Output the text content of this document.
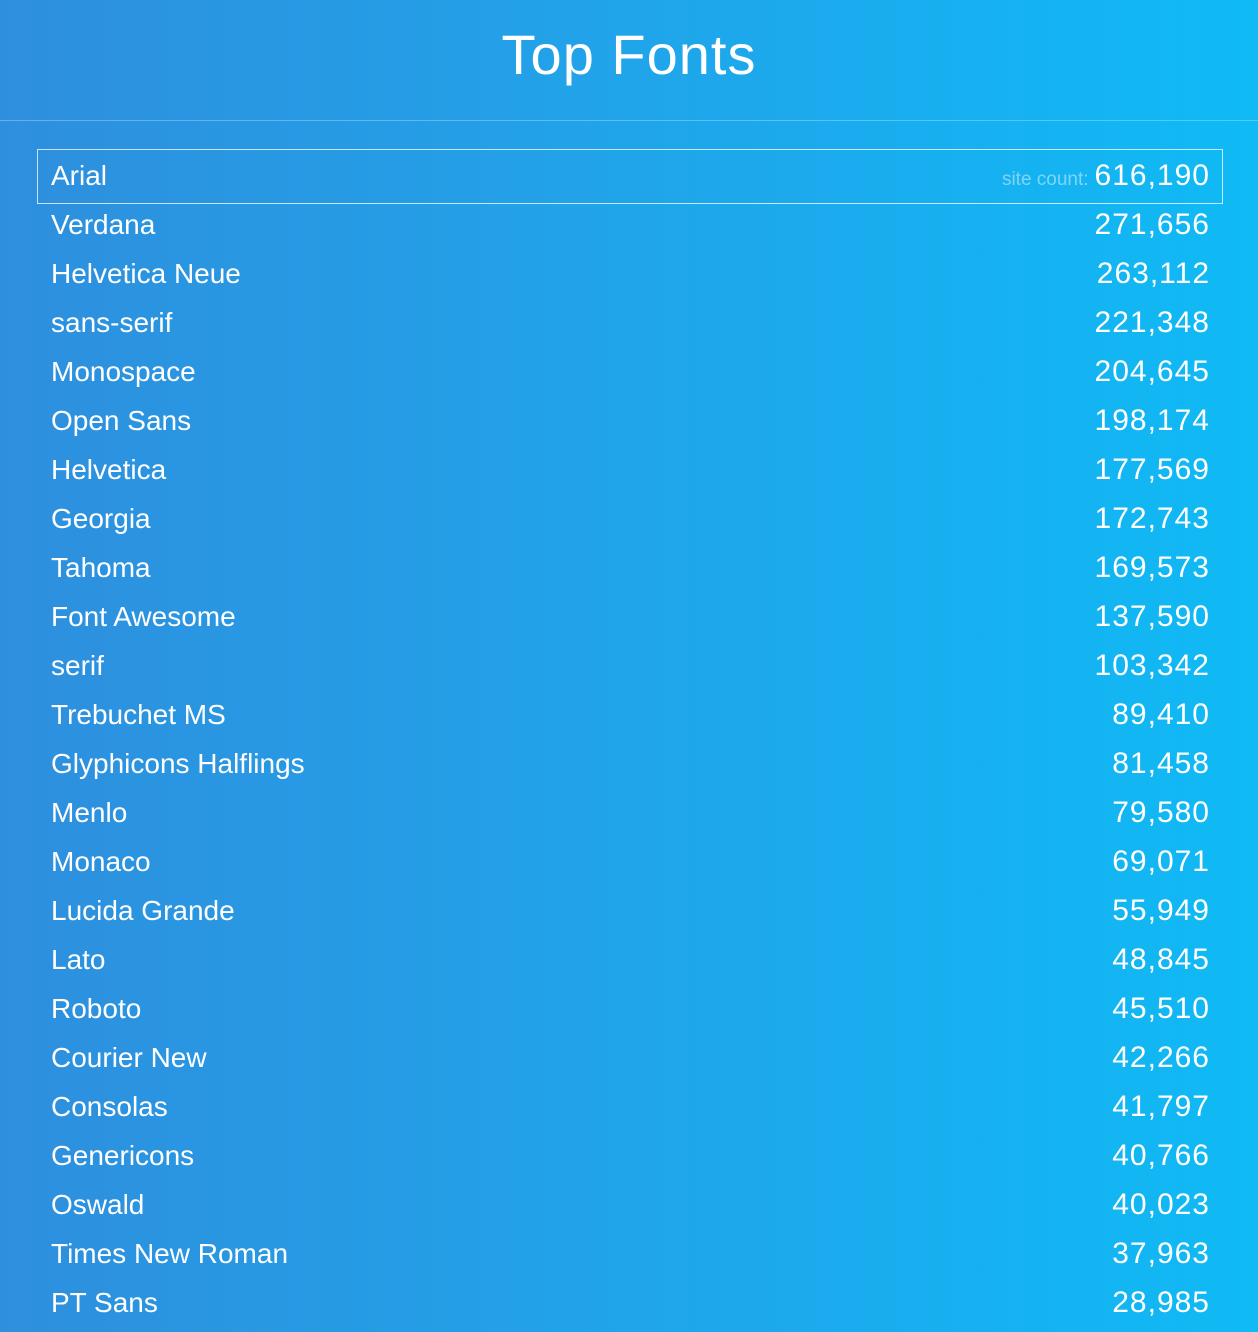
Top Fonts
Arial	site count: 616,190
Verdana	271,656
Helvetica Neue	263,112
sans-serif	221,348
Monospace	204,645
Open Sans	198,174
Helvetica	177,569
Georgia	172,743
Tahoma	169,573
Font Awesome	137,590
serif	103,342
Trebuchet MS	89,410
Glyphicons Halflings	81,458
Menlo	79,580
Monaco	69,071
Lucida Grande	55,949
Lato	48,845
Roboto	45,510
Courier New	42,266
Consolas	41,797
Genericons	40,766
Oswald	40,023
Times New Roman	37,963
PT Sans	28,985
